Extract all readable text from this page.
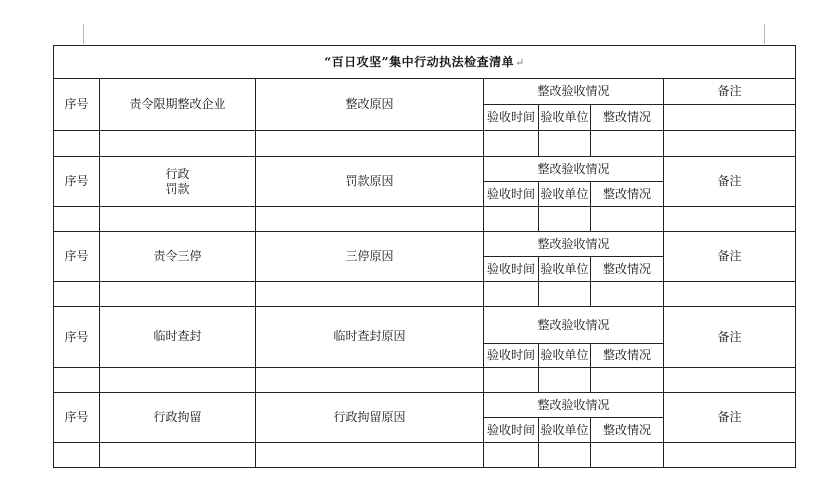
“百日攻坚”集中行动执法检查清单↵						
序号	责令限期整改企业	整改原因	整改验收情况			备注
			验收时间	验收单位	整改情况	

序号	行政
罚款	罚款原因	整改验收情况			备注
			验收时间	验收单位	整改情况	

序号	责令三停	三停原因	整改验收情况			备注
			验收时间	验收单位	整改情况	

序号	临时查封	临时查封原因	整改验收情况			备注
			验收时间	验收单位	整改情况	

序号	行政拘留	行政拘留原因	整改验收情况			备注
			验收时间	验收单位	整改情况	
